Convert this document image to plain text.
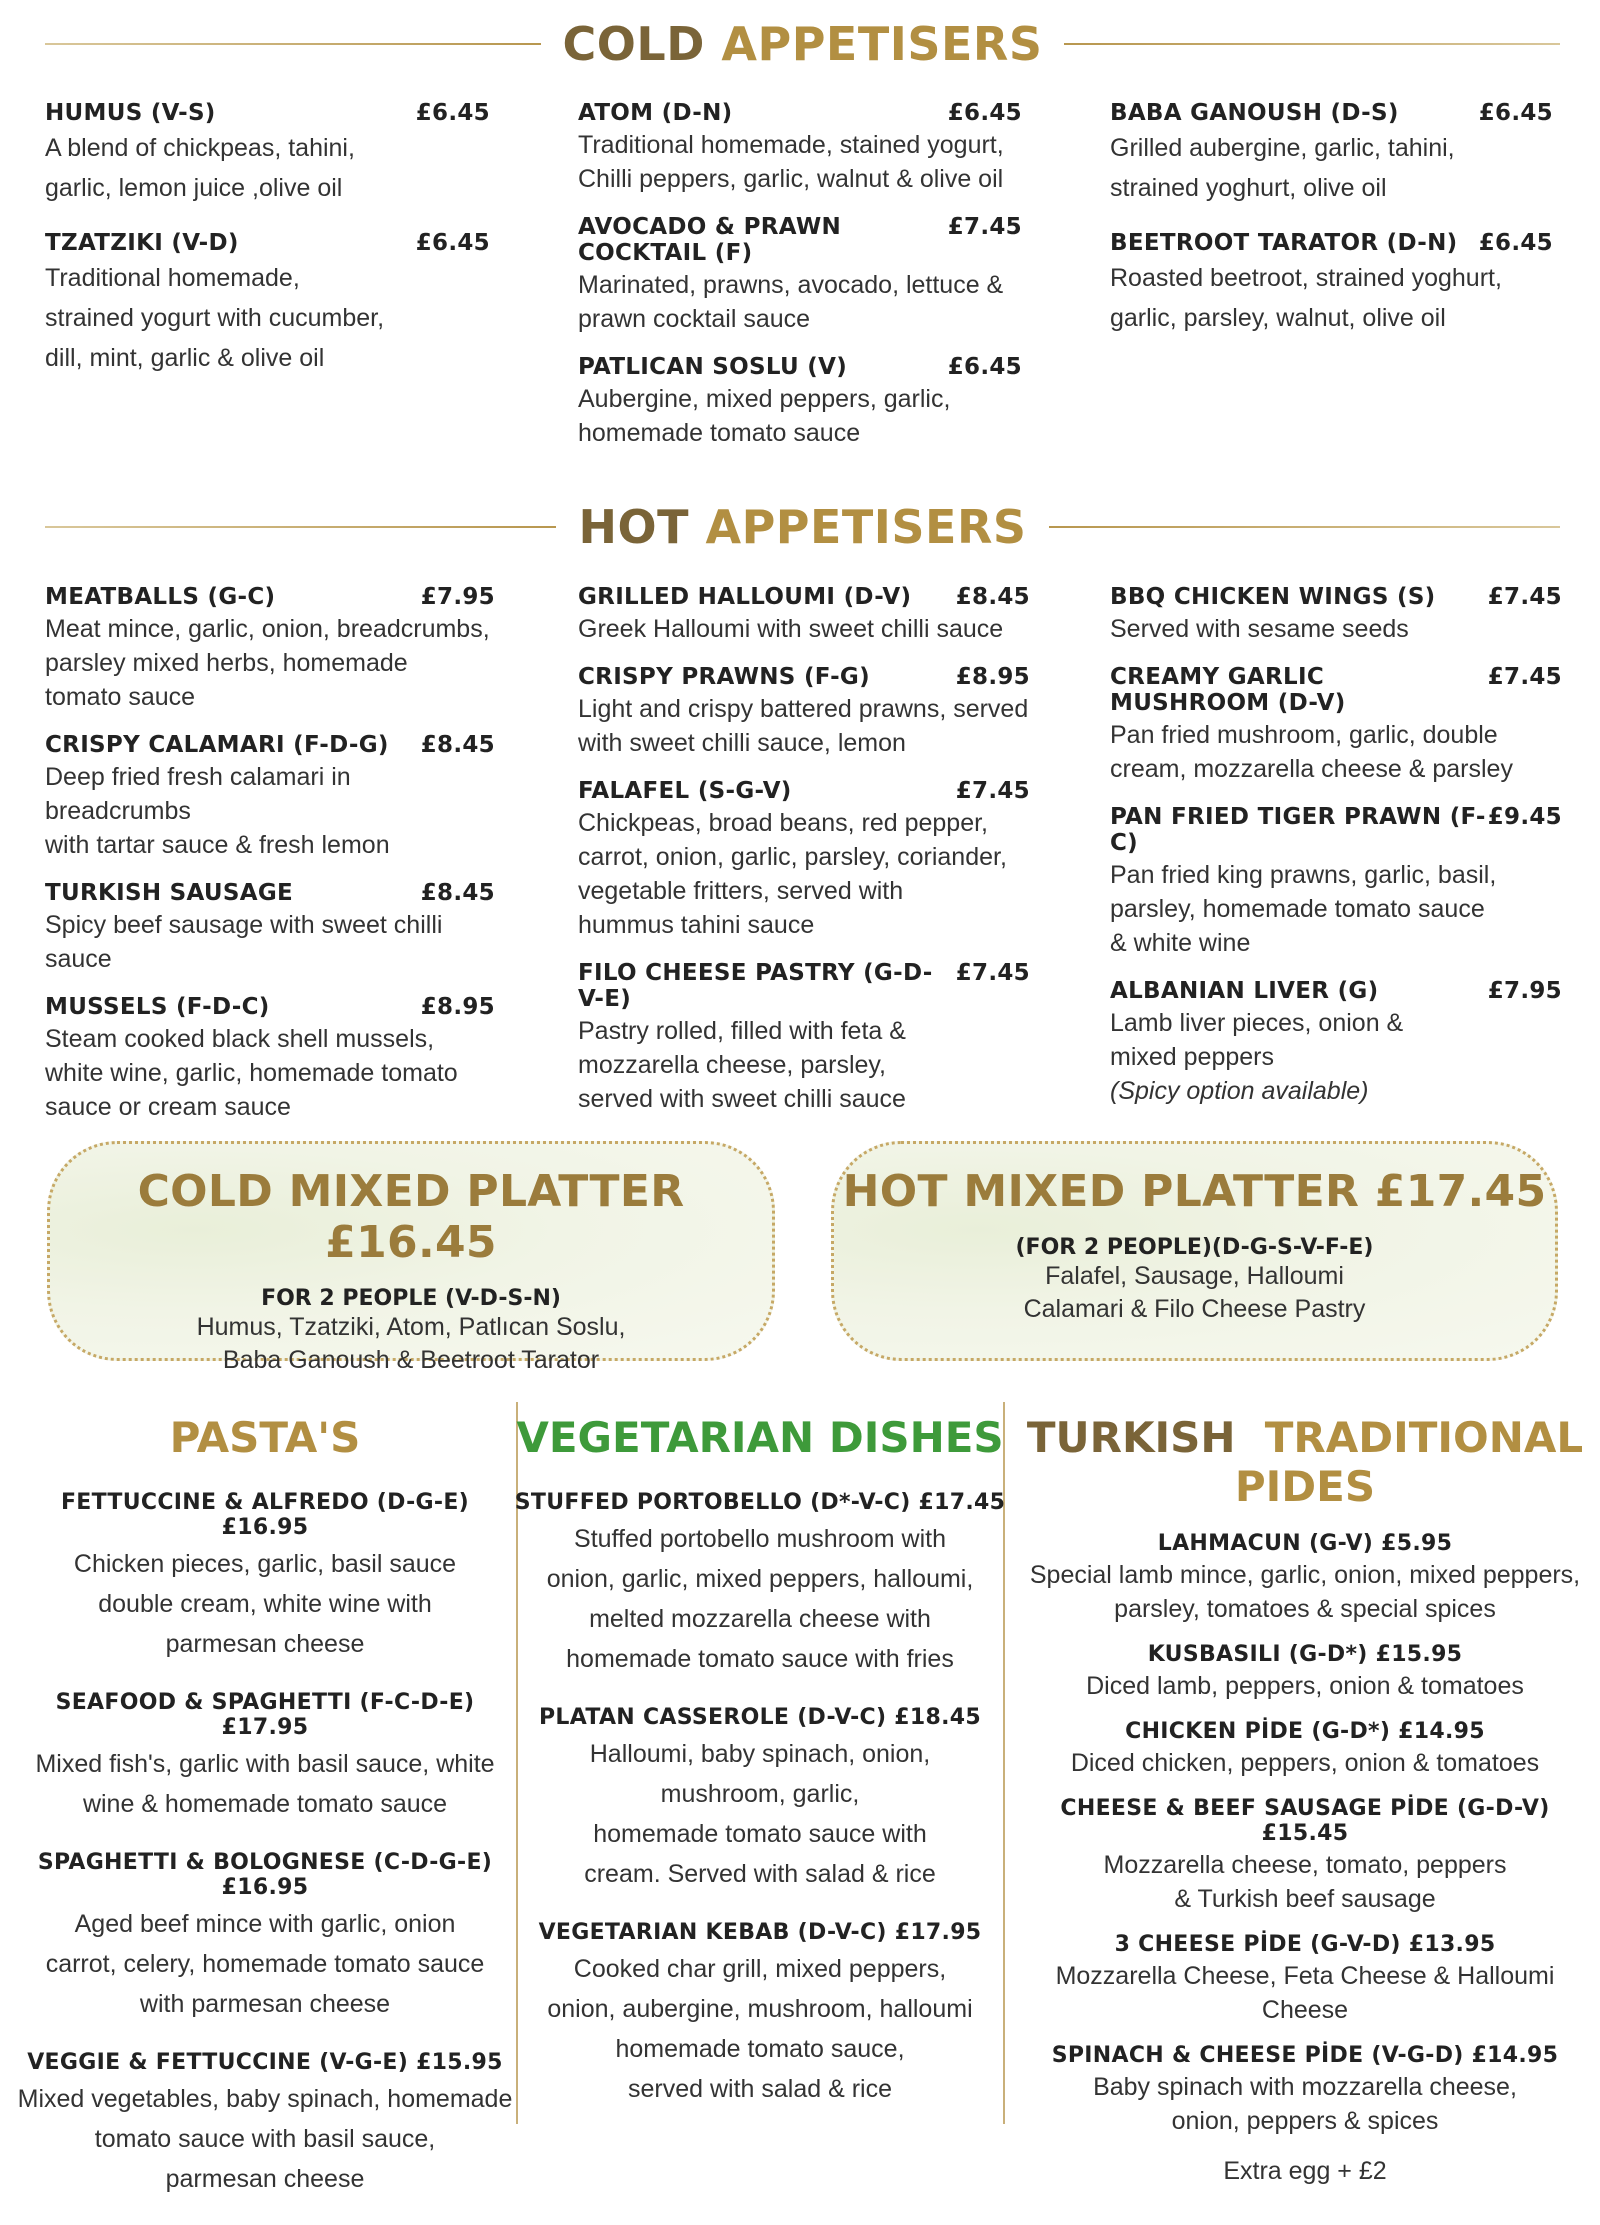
COLD APPETISERS
HUMUS (V-S)	£6.45
A blend of chickpeas, tahini,
garlic, lemon juice ,olive oil
TZATZIKI (V-D)	£6.45
Traditional homemade,
strained yogurt with cucumber,
dill, mint, garlic & olive oil
ATOM (D-N)	£6.45
Traditional homemade, stained yogurt,
Chilli peppers, garlic, walnut & olive oil
AVOCADO & PRAWN COCKTAIL (F)
£7.45
Marinated, prawns, avocado, lettuce &
prawn cocktail sauce
PATLICAN SOSLU (V)	£6.45
Aubergine, mixed peppers, garlic,
homemade tomato sauce
BABA GANOUSH (D-S)	£6.45
Grilled aubergine, garlic, tahini,
strained yoghurt, olive oil
BEETROOT TARATOR (D-N) £6.45
Roasted beetroot, strained yoghurt,
garlic, parsley, walnut, olive oil
HOT APPETISERS
MEATBALLS (G-C)	£7.95
Meat mince, garlic, onion, breadcrumbs,
parsley mixed herbs, homemade
tomato sauce
CRISPY CALAMARI (F-D-G) £8.45
Deep fried fresh calamari in breadcrumbs
with tartar sauce & fresh lemon
TURKISH SAUSAGE	£8.45
Spicy beef sausage with sweet chilli sauce
MUSSELS (F-D-C)	£8.95
Steam cooked black shell mussels,
white wine, garlic, homemade tomato
sauce or cream sauce
GRILLED HALLOUMI (D-V) £8.45
Greek Halloumi with sweet chilli sauce
CRISPY PRAWNS (F-G)	£8.95
Light and crispy battered prawns, served
with sweet chilli sauce, lemon
FALAFEL (S-G-V)	£7.45
Chickpeas, broad beans, red pepper,
carrot, onion, garlic, parsley, coriander,
vegetable fritters, served with
hummus tahini sauce
FILO CHEESE PASTRY (G-D-V-E)
£7.45
Pastry rolled, filled with feta &
mozzarella cheese, parsley,
served with sweet chilli sauce
BBQ CHICKEN WINGS (S) £7.45
Served with sesame seeds
CREAMY GARLIC MUSHROOM (D-V)
£7.45
Pan fried mushroom, garlic, double
cream, mozzarella cheese & parsley
PAN FRIED TIGER PRAWN (F-C)
£9.45
Pan fried king prawns, garlic, basil,
parsley, homemade tomato sauce
& white wine
ALBANIAN LIVER (G)	£7.95
Lamb liver pieces, onion &
mixed peppers
(Spicy option available)
COLD MIXED PLATTER £16.45
FOR 2 PEOPLE (V-D-S-N)
Humus, Tzatziki, Atom, Patlıcan Soslu,
Baba Ganoush & Beetroot Tarator
HOT MIXED PLATTER £17.45
(FOR 2 PEOPLE)(D-G-S-V-F-E)
Falafel, Sausage, Halloumi
Calamari & Filo Cheese Pastry
PASTA'S
FETTUCCINE & ALFREDO (D-G-E) £16.95
Chicken pieces, garlic, basil sauce
double cream, white wine with
parmesan cheese
SEAFOOD & SPAGHETTI (F-C-D-E) £17.95
Mixed fish's, garlic with basil sauce, white
wine & homemade tomato sauce
SPAGHETTI & BOLOGNESE (C-D-G-E) £16.95
Aged beef mince with garlic, onion
carrot, celery, homemade tomato sauce
with parmesan cheese
VEGGIE & FETTUCCINE (V-G-E) £15.95
Mixed vegetables, baby spinach, homemade
tomato sauce with basil sauce,
parmesan cheese
VEGETARIAN DISHES
STUFFED PORTOBELLO (D*-V-C) £17.45
Stuffed portobello mushroom with
onion, garlic, mixed peppers, halloumi,
melted mozzarella cheese with
homemade tomato sauce with fries
PLATAN CASSEROLE (D-V-C) £18.45
Halloumi, baby spinach, onion,
mushroom, garlic,
homemade tomato sauce with
cream. Served with salad & rice
VEGETARIAN KEBAB (D-V-C) £17.95
Cooked char grill, mixed peppers,
onion, aubergine, mushroom, halloumi
homemade tomato sauce,
served with salad & rice
TURKISH TRADITIONAL PIDES
LAHMACUN (G-V) £5.95
Special lamb mince, garlic, onion, mixed peppers,
parsley, tomatoes & special spices
KUSBASILI (G-D*) £15.95
Diced lamb, peppers, onion & tomatoes
CHICKEN PİDE (G-D*) £14.95
Diced chicken, peppers, onion & tomatoes
CHEESE & BEEF SAUSAGE PİDE (G-D-V) £15.45
Mozzarella cheese, tomato, peppers
& Turkish beef sausage
3 CHEESE PİDE (G-V-D) £13.95
Mozzarella Cheese, Feta Cheese & Halloumi Cheese
SPINACH & CHEESE PİDE (V-G-D) £14.95
Baby spinach with mozzarella cheese,
onion, peppers & spices
Extra egg + £2
